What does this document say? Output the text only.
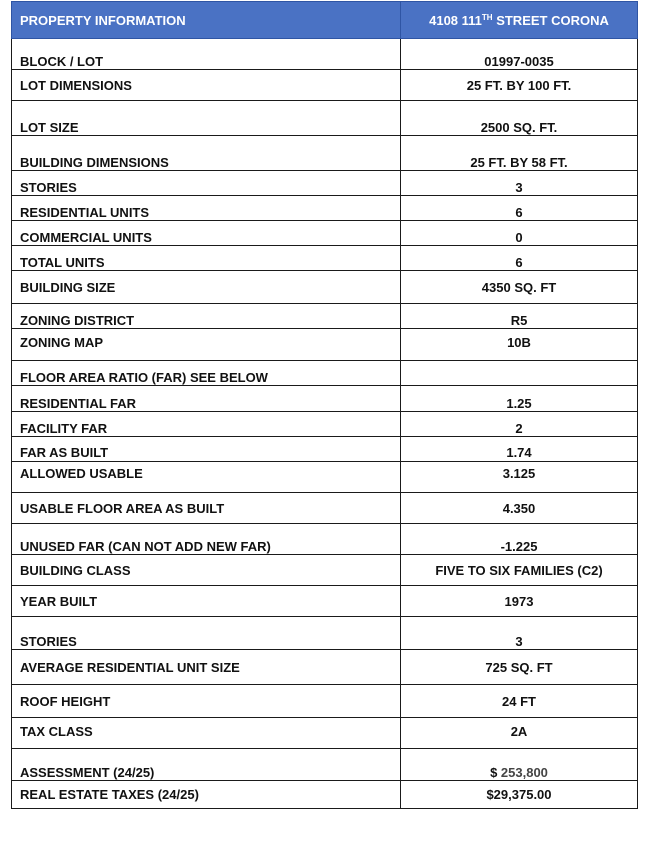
PROPERTY INFORMATION	4108 111TH STREET CORONA
BLOCK / LOT	01997-0035
LOT DIMENSIONS	25 FT. BY 100 FT.
LOT SIZE	2500 SQ. FT.
BUILDING DIMENSIONS	25 FT. BY 58 FT.
STORIES	3
RESIDENTIAL UNITS	6
COMMERCIAL UNITS	0
TOTAL UNITS	6
BUILDING SIZE	4350 SQ. FT
ZONING DISTRICT	R5
ZONING MAP	10B
FLOOR AREA RATIO (FAR) SEE BELOW	
RESIDENTIAL FAR	1.25
FACILITY FAR	2
FAR AS BUILT	1.74
ALLOWED USABLE	3.125
USABLE FLOOR AREA AS BUILT	4.350
UNUSED FAR (CAN NOT ADD NEW FAR)	-1.225
BUILDING CLASS	FIVE TO SIX FAMILIES (C2)
YEAR BUILT	1973
STORIES	3
AVERAGE RESIDENTIAL UNIT SIZE	725 SQ. FT
ROOF HEIGHT	24 FT
TAX CLASS	2A
ASSESSMENT (24/25)	$ 253,800
REAL ESTATE TAXES (24/25)	$29,375.00
